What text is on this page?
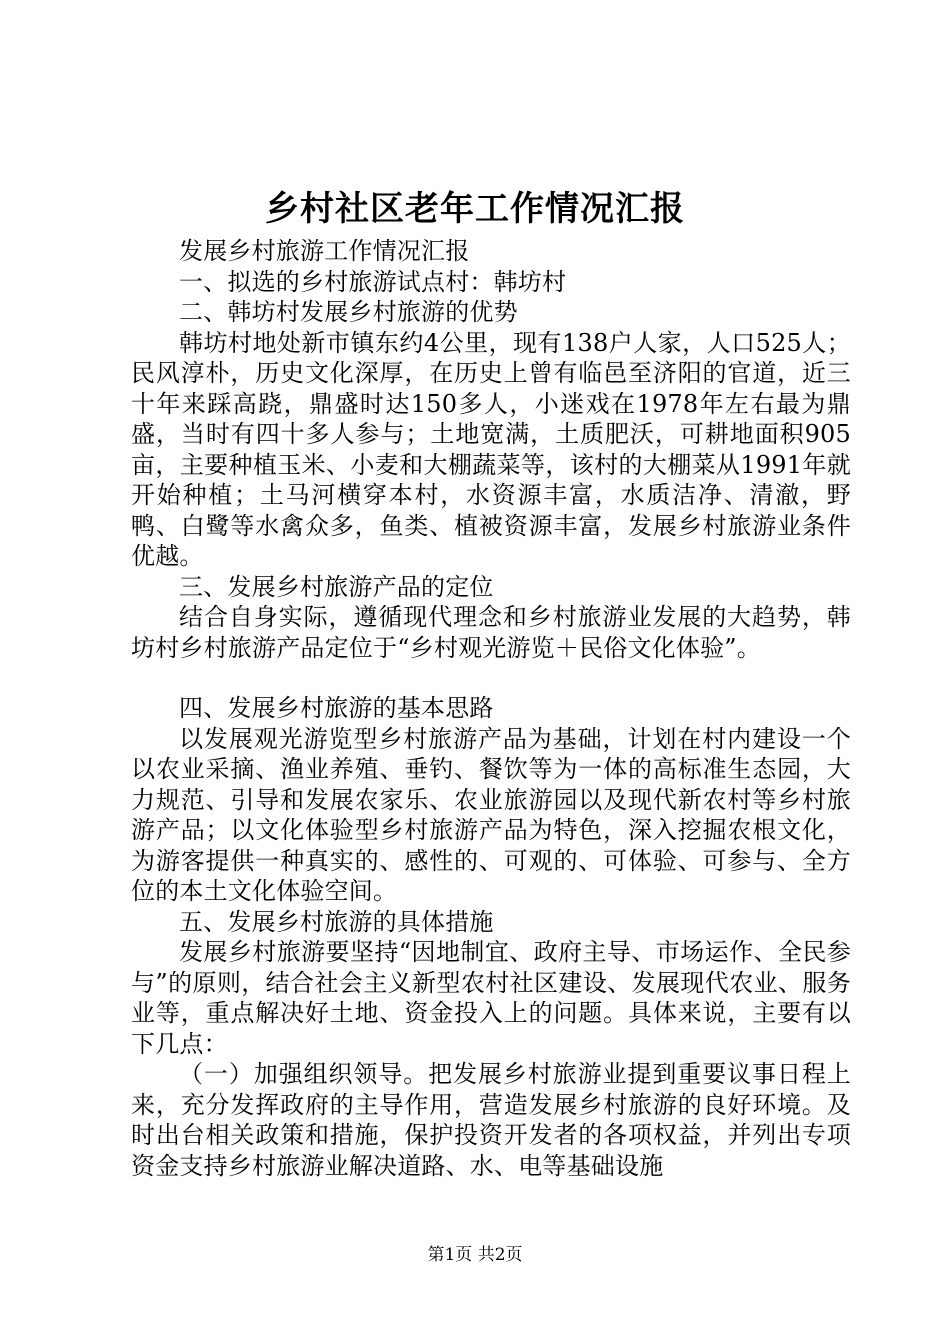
乡村社区老年工作情况汇报

发展乡村旅游工作情况汇报

一、拟选的乡村旅游试点村：韩坊村

二、韩坊村发展乡村旅游的优势

韩坊村地处新市镇东约4公里，现有138户人家，人口525人；民风淳朴，历史文化深厚，在历史上曾有临邑至济阳的官道，近三十年来踩高跷，鼎盛时达150多人，小迷戏在1978年左右最为鼎盛，当时有四十多人参与；土地宽满，土质肥沃，可耕地面积905亩，主要种植玉米、小麦和大棚蔬菜等，该村的大棚菜从1991年就开始种植；土马河横穿本村，水资源丰富，水质洁净、清澈，野鸭、白鹭等水禽众多，鱼类、植被资源丰富，发展乡村旅游业条件优越。

三、发展乡村旅游产品的定位

结合自身实际，遵循现代理念和乡村旅游业发展的大趋势，韩坊村乡村旅游产品定位于“乡村观光游览＋民俗文化体验”。

四、发展乡村旅游的基本思路

以发展观光游览型乡村旅游产品为基础，计划在村内建设一个以农业采摘、渔业养殖、垂钓、餐饮等为一体的高标准生态园，大力规范、引导和发展农家乐、农业旅游园以及现代新农村等乡村旅游产品；以文化体验型乡村旅游产品为特色，深入挖掘农根文化，为游客提供一种真实的、感性的、可观的、可体验、可参与、全方位的本土文化体验空间。

五、发展乡村旅游的具体措施

发展乡村旅游要坚持“因地制宜、政府主导、市场运作、全民参与”的原则，结合社会主义新型农村社区建设、发展现代农业、服务业等，重点解决好土地、资金投入上的问题。具体来说，主要有以下几点：

（一）加强组织领导。把发展乡村旅游业提到重要议事日程上来，充分发挥政府的主导作用，营造发展乡村旅游的良好环境。及时出台相关政策和措施，保护投资开发者的各项权益，并列出专项资金支持乡村旅游业解决道路、水、电等基础设施

第1页 共2页
